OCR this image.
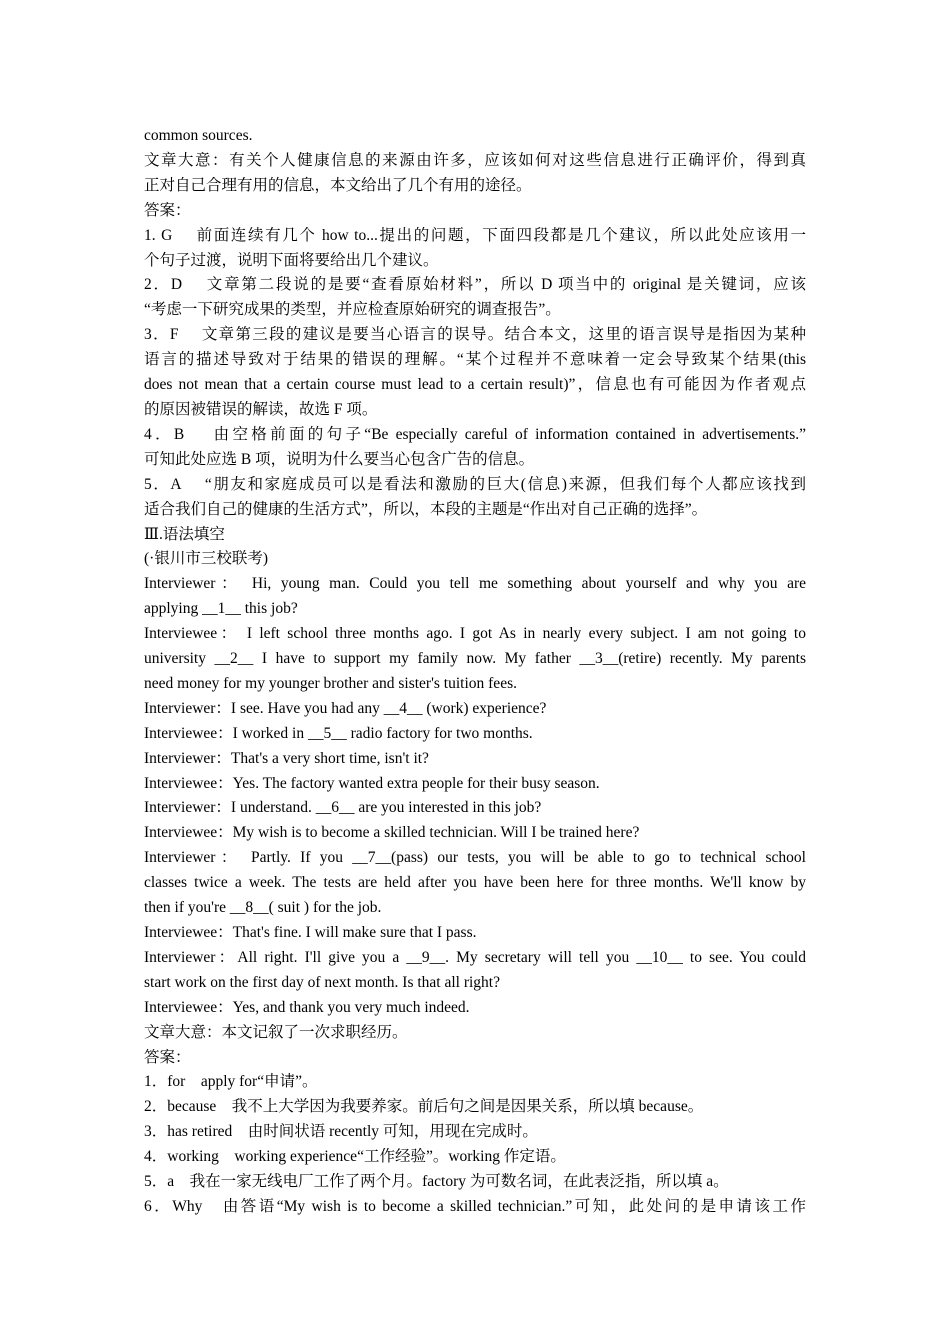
common sources.
文章大意：有关个人健康信息的来源由许多，应该如何对这些信息进行正确评价，得到真
正对自己合理有用的信息，本文给出了几个有用的途径。
答案：
1. G　 前面连续有几个 how to...提出的问题，下面四段都是几个建议，所以此处应该用一
个句子过渡，说明下面将要给出几个建议。
2．D　 文章第二段说的是要“查看原始材料”，所以 D 项当中的 original 是关键词，应该
“考虑一下研究成果的类型，并应检查原始研究的调查报告”。
3．F　 文章第三段的建议是要当心语言的误导。结合本文，这里的语言误导是指因为某种
语言的描述导致对于结果的错误的理解。“某个过程并不意味着一定会导致某个结果(this
does not mean that a certain course must lead to a certain result)”，信息也有可能因为作者观点
的原因被错误的解读，故选 F 项。
4．B　 由空格前面的句子“Be especially careful of information contained in advertisements.”
可知此处应选 B 项，说明为什么要当心包含广告的信息。
5．A　 “朋友和家庭成员可以是看法和激励的巨大(信息)来源，但我们每个人都应该找到
适合我们自己的健康的生活方式”，所以，本段的主题是“作出对自己正确的选择”。
Ⅲ.语法填空
(·银川市三校联考)
Interviewer： Hi, young man. Could you tell me something about yourself and why you are
applying __1__ this job?
Interviewee： I left school three months ago. I got As in nearly every subject. I am not going to
university __2__ I have to support my family now. My father __3__(retire) recently. My parents
need money for my younger brother and sister's tuition fees.
Interviewer：I see. Have you had any __4__ (work) experience?
Interviewee：I worked in __5__ radio factory for two months.
Interviewer：That's a very short time, isn't it?
Interviewee：Yes. The factory wanted extra people for their busy season.
Interviewer：I understand. __6__ are you interested in this job?
Interviewee：My wish is to become a skilled technician. Will I be trained here?
Interviewer： Partly. If you __7__(pass) our tests, you will be able to go to technical school
classes twice a week. The tests are held after you have been here for three months. We'll know by
then if you're __8__( suit ) for the job.
Interviewee：That's fine. I will make sure that I pass.
Interviewer：All right. I'll give you a __9__. My secretary will tell you __10__ to see. You could
start work on the first day of next month. Is that all right?
Interviewee：Yes, and thank you very much indeed.
文章大意：本文记叙了一次求职经历。
答案：
1．for　apply for“申请”。
2．because　我不上大学因为我要养家。前后句之间是因果关系，所以填 because。
3．has retired　由时间状语 recently 可知，用现在完成时。
4．working　working experience“工作经验”。working 作定语。
5．a　我在一家无线电厂工作了两个月。factory 为可数名词，在此表泛指，所以填 a。
6．Why　由答语“My wish is to become a skilled technician.”可知，此处问的是申请该工作
